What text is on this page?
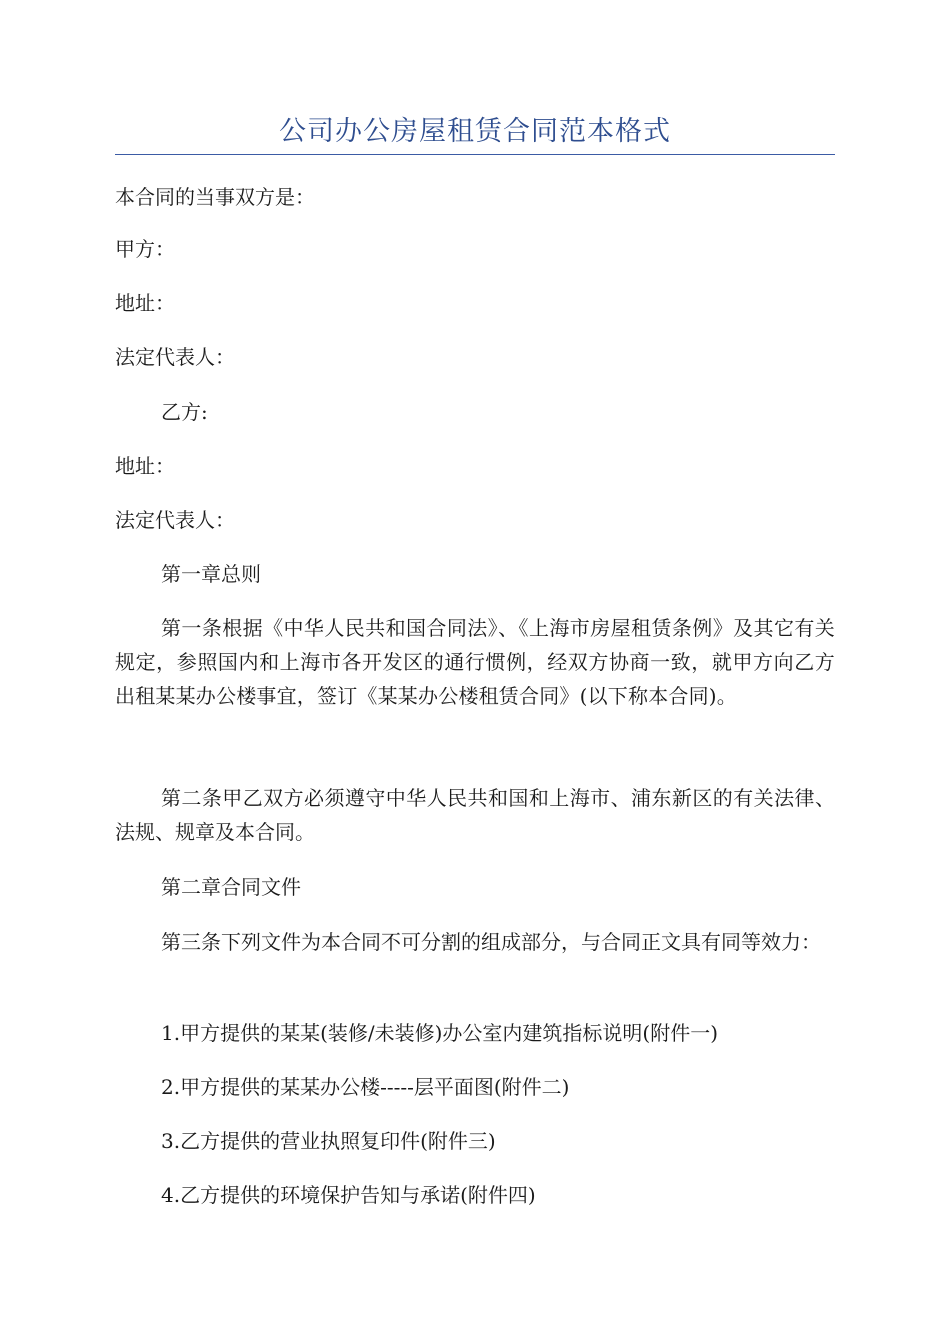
公司办公房屋租赁合同范本格式
本合同的当事双方是：
甲方：
地址：
法定代表人：
乙方:
地址：
法定代表人：
第一章总则
第一条根据《中华人民共和国合同法》、《上海市房屋租赁条例》及其它有关规定，参照国内和上海市各开发区的通行惯例，经双方协商一致，就甲方向乙方出租某某办公楼事宜，签订《某某办公楼租赁合同》(以下称本合同)。
第二条甲乙双方必须遵守中华人民共和国和上海市、浦东新区的有关法律、法规、规章及本合同。
第二章合同文件
第三条下列文件为本合同不可分割的组成部分，与合同正文具有同等效力：
1.甲方提供的某某(装修/未装修)办公室内建筑指标说明(附件一)
2.甲方提供的某某办公楼-----层平面图(附件二)
3.乙方提供的营业执照复印件(附件三)
4.乙方提供的环境保护告知与承诺(附件四)
